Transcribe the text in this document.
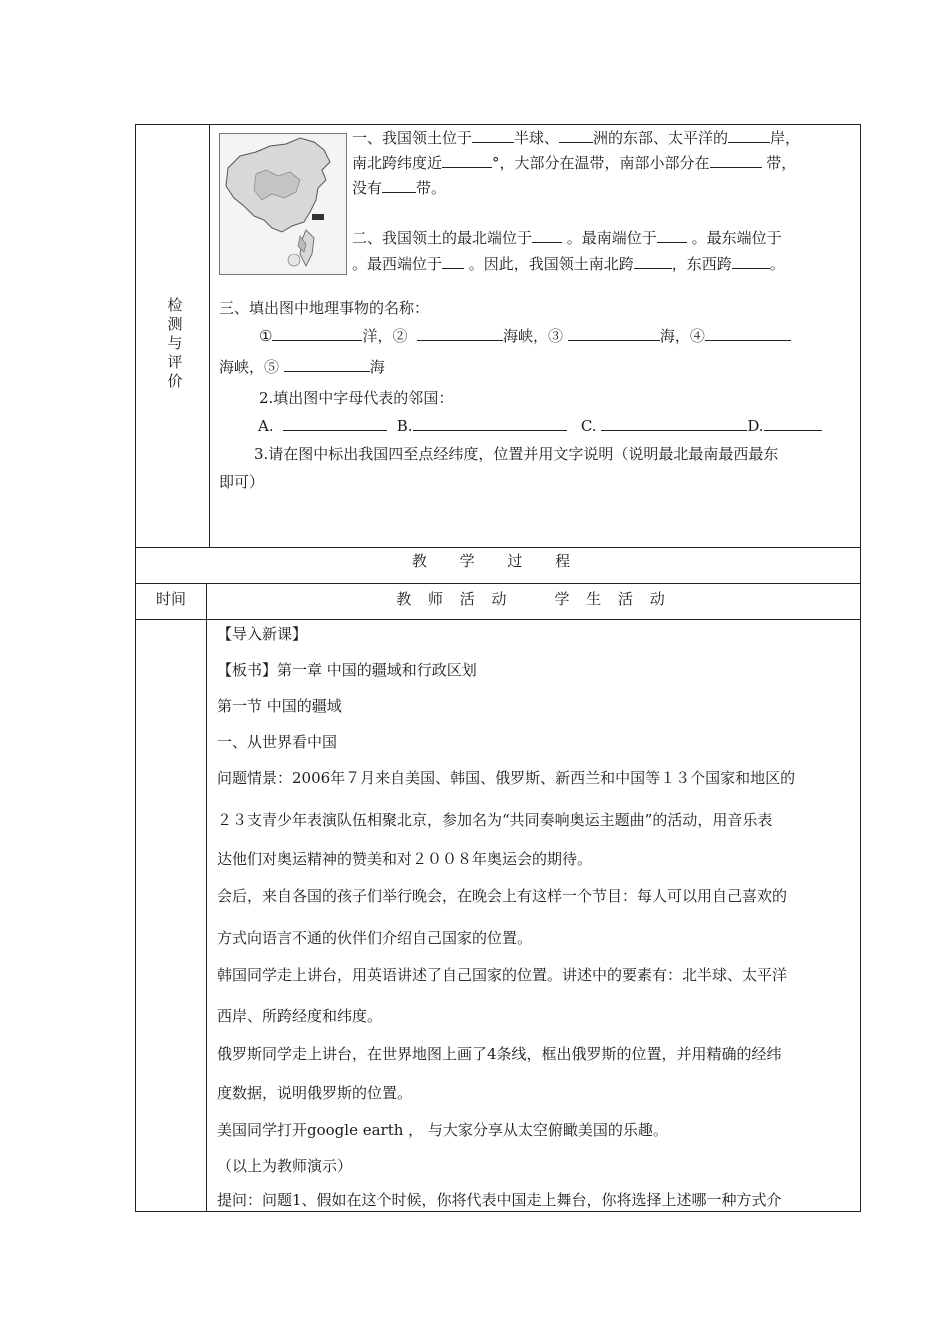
检测与评价
一、我国领土位于	半球、 洲的东部、太平洋的	岸，
南北跨纬度近	°，大部分在温带，南部小部分在	带，
没有 带。
二、我国领土的最北端位于 。最南端位于 。最东端位于
。最西端位于 。因此，我国领土南北跨	，东西跨	。
三、填出图中地理事物的名称：
①	洋，②	海峡，③	海，④
海峡，⑤	海
2.填出图中字母代表的邻国：
A.	B.	C.	D.
3.请在图中标出我国四至点经纬度，位置并用文字说明（说明最北最南最西最东
即可）
教 学 过 程
时间	教 师 活 动　　学 生 活 动
【导入新课】
【板书】第一章 中国的疆域和行政区划
第一节 中国的疆域
一、从世界看中国
问题情景：2006年７月来自美国、韩国、俄罗斯、新西兰和中国等１３个国家和地区的
２３支青少年表演队伍相聚北京，参加名为“共同奏响奥运主题曲”的活动，用音乐表
达他们对奥运精神的赞美和对２００８年奥运会的期待。
会后，来自各国的孩子们举行晚会，在晚会上有这样一个节目：每人可以用自己喜欢的
方式向语言不通的伙伴们介绍自己国家的位置。
韩国同学走上讲台，用英语讲述了自己国家的位置。讲述中的要素有：北半球、太平洋
西岸、所跨经度和纬度。
俄罗斯同学走上讲台，在世界地图上画了4条线，框出俄罗斯的位置，并用精确的经纬
度数据，说明俄罗斯的位置。
美国同学打开google earth ， 与大家分享从太空俯瞰美国的乐趣。
（以上为教师演示）
提问：问题1、假如在这个时候，你将代表中国走上舞台，你将选择上述哪一种方式介
